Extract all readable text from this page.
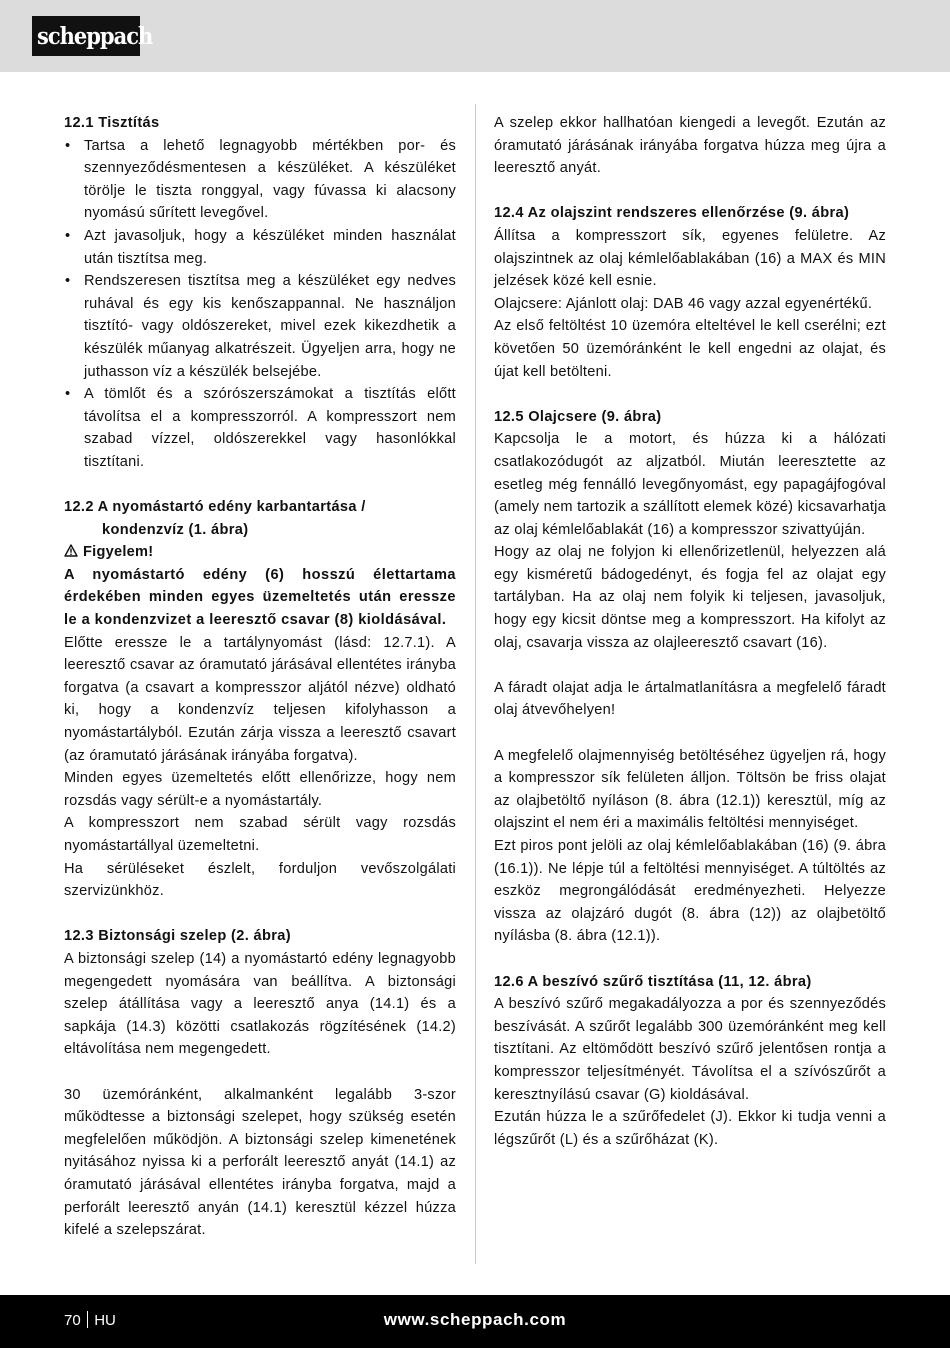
scheppach
12.1 Tisztítás

• Tartsa a lehető legnagyobb mértékben por- és szennyeződésmentesen a készüléket. A készüléket törölje le tiszta ronggyal, vagy fúvassa ki alacsony nyomású sűrített levegővel.

• Azt javasoljuk, hogy a készüléket minden használat után tisztítsa meg.

• Rendszeresen tisztítsa meg a készüléket egy nedves ruhával és egy kis kenőszappannal. Ne használjon tisztító- vagy oldószereket, mivel ezek kikezdhetik a készülék műanyag alkatrészeit. Ügyeljen arra, hogy ne juthasson víz a készülék belsejébe.

• A tömlőt és a szórószerszámokat a tisztítás előtt távolítsa el a kompresszorról. A kompresszort nem szabad vízzel, oldószerekkel vagy hasonlókkal tisztítani.

12.2 A nyomástartó edény karbantartása /
kondenzvíz (1. ábra)

Figyelem!

A nyomástartó edény (6) hosszú élettartama érdekében minden egyes üzemeltetés után eressze le a kondenzvizet a leeresztő csavar (8) kioldásával.

Előtte eressze le a tartálynyomást (lásd: 12.7.1). A leeresztő csavar az óramutató járásával ellentétes irányba forgatva (a csavart a kompresszor aljától nézve) oldható ki, hogy a kondenzvíz teljesen kifolyhasson a nyomástartályból. Ezután zárja vissza a leeresztő csavart (az óramutató járásának irányába forgatva).

Minden egyes üzemeltetés előtt ellenőrizze, hogy nem rozsdás vagy sérült-e a nyomástartály.

A kompresszort nem szabad sérült vagy rozsdás nyomástartállyal üzemeltetni.

Ha sérüléseket észlelt, forduljon vevőszolgálati szervizünkhöz.

12.3 Biztonsági szelep (2. ábra)

A biztonsági szelep (14) a nyomástartó edény legnagyobb megengedett nyomására van beállítva. A biztonsági szelep átállítása vagy a leeresztő anya (14.1) és a sapkája (14.3) közötti csatlakozás rögzítésének (14.2) eltávolítása nem megengedett.

30 üzemóránként, alkalmanként legalább 3-szor működtesse a biztonsági szelepet, hogy szükség esetén megfelelően működjön. A biztonsági szelep kimenetének nyitásához nyissa ki a perforált leeresztő anyát (14.1) az óramutató járásával ellentétes irányba forgatva, majd a perforált leeresztő anyán (14.1) keresztül kézzel húzza kifelé a szelepszárat.

A szelep ekkor hallhatóan kiengedi a levegőt. Ezután az óramutató járásának irányába forgatva húzza meg újra a leeresztő anyát.

12.4 Az olajszint rendszeres ellenőrzése (9. ábra)

Állítsa a kompresszort sík, egyenes felületre. Az olajszintnek az olaj kémlelőablakában (16) a MAX és MIN jelzések közé kell esnie.

Olajcsere: Ajánlott olaj: DAB 46 vagy azzal egyenértékű.

Az első feltöltést 10 üzemóra elteltével le kell cserélni; ezt követően 50 üzemóránként le kell engedni az olajat, és újat kell betölteni.

12.5 Olajcsere (9. ábra)

Kapcsolja le a motort, és húzza ki a hálózati csatlakozódugót az aljzatból. Miután leeresztette az esetleg még fennálló levegőnyomást, egy papagájfogóval (amely nem tartozik a szállított elemek közé) kicsavarhatja az olaj kémlelőablakát (16) a kompresszor szivattyúján.

Hogy az olaj ne folyjon ki ellenőrizetlenül, helyezzen alá egy kisméretű bádogedényt, és fogja fel az olajat egy tartályban. Ha az olaj nem folyik ki teljesen, javasoljuk, hogy egy kicsit döntse meg a kompresszort. Ha kifolyt az olaj, csavarja vissza az olajleeresztő csavart (16).

A fáradt olajat adja le ártalmatlanításra a megfelelő fáradt olaj átvevőhelyen!

A megfelelő olajmennyiség betöltéséhez ügyeljen rá, hogy a kompresszor sík felületen álljon. Töltsön be friss olajat az olajbetöltő nyíláson (8. ábra (12.1)) keresztül, míg az olajszint el nem éri a maximális feltöltési mennyiséget.

Ezt piros pont jelöli az olaj kémlelőablakában (16) (9. ábra (16.1)). Ne lépje túl a feltöltési mennyiséget. A túltöltés az eszköz megrongálódását eredményezheti. Helyezze vissza az olajzáró dugót (8. ábra (12)) az olajbetöltő nyílásba (8. ábra (12.1)).

12.6 A beszívó szűrő tisztítása (11, 12. ábra)

A beszívó szűrő megakadályozza a por és szennyeződés beszívását. A szűrőt legalább 300 üzemóránként meg kell tisztítani. Az eltömődött beszívó szűrő jelentősen rontja a kompresszor teljesítményét. Távolítsa el a szívószűrőt a keresztnyílású csavar (G) kioldásával.

Ezután húzza le a szűrőfedelet (J). Ekkor ki tudja venni a légszűrőt (L) és a szűrőházat (K).

70 HU	www.scheppach.com
